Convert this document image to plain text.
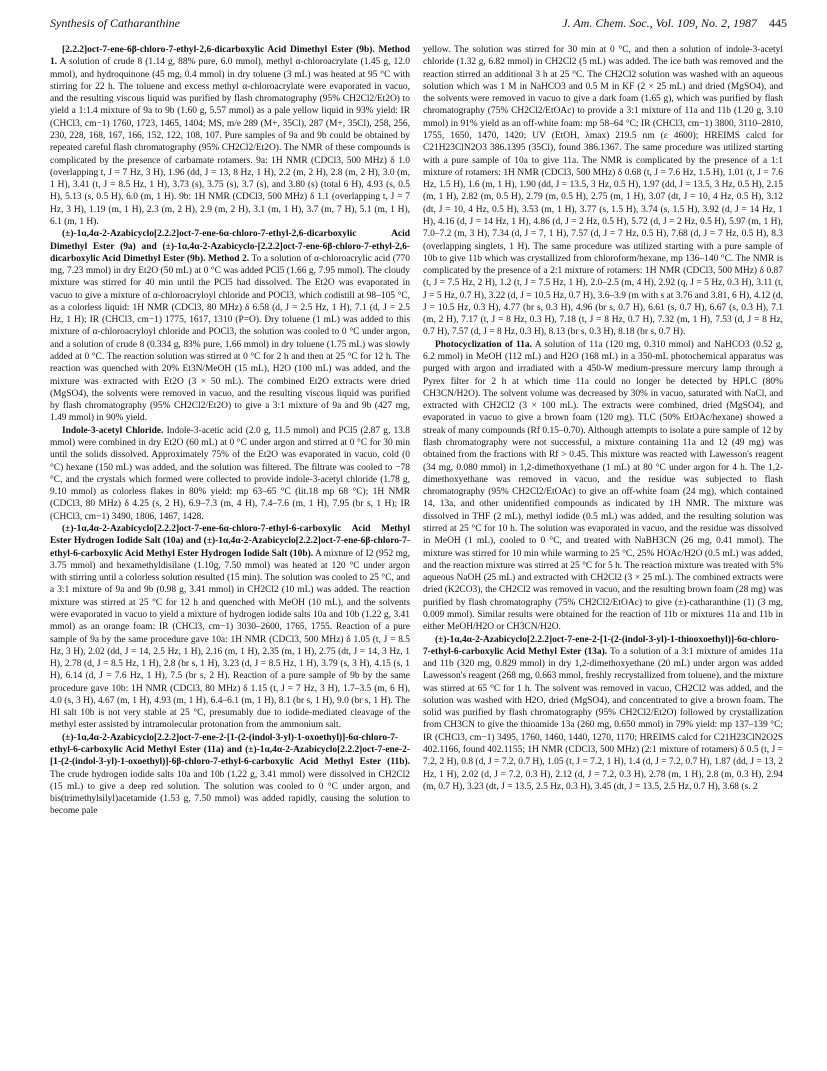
Synthesis of Catharanthine	J. Am. Chem. Soc., Vol. 109, No. 2, 1987 445

[2.2.2]oct-7-ene-6β-chloro-7-ethyl-2,6-dicarboxylic Acid Dimethyl Ester (9b). Method 1. A solution of crude 8 (1.14 g, 88% pure, 6.0 mmol), methyl α-chloroacrylate (1.45 g, 12.0 mmol), and hydroquinone (45 mg, 0.4 mmol) in dry toluene (3 mL) was heated at 95 °C with stirring for 22 h. The toluene and excess methyl α-chloroacrylate were evaporated in vacuo, and the resulting viscous liquid was purified by flash chromatography (95% CH2Cl2/Et2O) to yield a 1:1.4 mixture of 9a to 9b (1.60 g, 5.57 mmol) as a pale yellow liquid in 93% yield: IR (CHCl3, cm−1) 1760, 1723, 1465, 1404; MS, m/e 289 (M+, 35Cl), 287 (M+, 35Cl), 258, 256, 230, 228, 168, 167, 166, 152, 122, 108, 107. Pure samples of 9a and 9b could be obtained by repeated careful flash chromatography (95% CH2Cl2/Et2O). The NMR of these compounds is complicated by the presence of carbamate rotamers. 9a: 1H NMR (CDCl3, 500 MHz) δ 1.0 (overlapping t, J = 7 Hz, 3 H), 1.96 (dd, J = 13, 8 Hz, 1 H), 2.2 (m, 2 H), 2.8 (m, 2 H), 3.0 (m, 1 H), 3.41 (t, J = 8.5 Hz, 1 H), 3.73 (s), 3.75 (s), 3.7 (s), and 3.80 (s) (total 6 H), 4.93 (s, 0.5 H), 5.13 (s, 0.5 H), 6.0 (m, 1 H). 9b: 1H NMR (CDCl3, 500 MHz) δ 1.1 (overlapping t, J = 7 Hz, 3 H), 1.19 (m, 1 H), 2.3 (m, 2 H), 2.9 (m, 2 H), 3.1 (m, 1 H), 3.7 (m, 7 H), 5.1 (m, 1 H), 6.1 (m, 1 H).

(±)-1α,4α-2-Azabicyclo[2.2.2]oct-7-ene-6α-chloro-7-ethyl-2,6-dicarboxylic Acid Dimethyl Ester (9a) and (±)-1α,4α-2-Azabicyclo-[2.2.2]oct-7-ene-6β-chloro-7-ethyl-2,6-dicarboxylic Acid Dimethyl Ester (9b). Method 2. To a solution of α-chloroacrylic acid (770 mg, 7.23 mmol) in dry Et2O (50 mL) at 0 °C was added PCl5 (1.66 g, 7.95 mmol). The cloudy mixture was stirred for 40 min until the PCl5 had dissolved. The Et2O was evaporated in vacuo to give a mixture of α-chloroacryloyl chloride and POCl3, which codistill at 98–105 °C, as a colorless liquid: 1H NMR (CDCl3, 80 MHz) δ 6.58 (d, J = 2.5 Hz, 1 H), 7.1 (d, J = 2.5 Hz, 1 H); IR (CHCl3, cm−1) 1775, 1617, 1310 (P=O). Dry toluene (1 mL) was added to this mixture of α-chloroacryloyl chloride and POCl3, the solution was cooled to 0 °C under argon, and a solution of crude 8 (0.334 g, 83% pure, 1.66 mmol) in dry toluene (1.75 mL) was slowly added at 0 °C. The reaction solution was stirred at 0 °C for 2 h and then at 25 °C for 12 h. The reaction was quenched with 20% Et3N/MeOH (15 mL), H2O (100 mL) was added, and the mixture was extracted with Et2O (3 × 50 mL). The combined Et2O extracts were dried (MgSO4), the solvents were removed in vacuo, and the resulting viscous liquid was purified by flash chromatography (95% CH2Cl2/Et2O) to give a 3:1 mixture of 9a and 9b (427 mg, 1.49 mmol) in 90% yield.

Indole-3-acetyl Chloride. Indole-3-acetic acid (2.0 g, 11.5 mmol) and PCl5 (2.87 g, 13.8 mmol) were combined in dry Et2O (60 mL) at 0 °C under argon and stirred at 0 °C for 30 min until the solids dissolved. Approximately 75% of the Et2O was evaporated in vacuo, cold (0 °C) hexane (150 mL) was added, and the solution was filtered. The filtrate was cooled to −78 °C, and the crystals which formed were collected to provide indole-3-acetyl chloride (1.78 g, 9.10 mmol) as colorless flakes in 80% yield: mp 63–65 °C (lit.18 mp 68 °C); 1H NMR (CDCl3, 80 MHz) δ 4.25 (s, 2 H), 6.9–7.3 (m, 4 H), 7.4–7.6 (m, 1 H), 7.95 (br s, 1 H); IR (CHCl3, cm−1) 3490, 1806, 1467, 1428.

(±)-1α,4α-2-Azabicyclo[2.2.2]oct-7-ene-6α-chloro-7-ethyl-6-carboxylic Acid Methyl Ester Hydrogen Iodide Salt (10a) and (±)-1α,4α-2-Azabicyclo[2.2.2]oct-7-ene-6β-chloro-7-ethyl-6-carboxylic Acid Methyl Ester Hydrogen Iodide Salt (10b). A mixture of I2 (952 mg, 3.75 mmol) and hexamethyldisilane (1.10g, 7.50 mmol) was heated at 120 °C under argon with stirring until a colorless solution resulted (15 min). The solution was cooled to 25 °C, and a 3:1 mixture of 9a and 9b (0.98 g, 3.41 mmol) in CH2Cl2 (10 mL) was added. The reaction mixture was stirred at 25 °C for 12 h and quenched with MeOH (10 mL), and the solvents were evaporated in vacuo to yield a mixture of hydrogen iodide salts 10a and 10b (1.22 g, 3.41 mmol) as an orange foam: IR (CHCl3, cm−1) 3030–2600, 1765, 1755. Reaction of a pure sample of 9a by the same procedure gave 10a: 1H NMR (CDCl3, 500 MHz) δ 1.05 (t, J = 8.5 Hz, 3 H), 2.02 (dd, J = 14, 2.5 Hz, 1 H), 2.16 (m, 1 H), 2.35 (m, 1 H), 2.75 (dt, J = 14, 3 Hz, 1 H), 2.78 (d, J = 8.5 Hz, 1 H), 2.8 (br s, 1 H), 3.23 (d, J = 8.5 Hz, 1 H), 3.79 (s, 3 H), 4.15 (s, 1 H), 6.14 (d, J = 7.6 Hz, 1 H), 7.5 (br s, 2 H). Reaction of a pure sample of 9b by the same procedure gave 10b: 1H NMR (CDCl3, 80 MHz) δ 1.15 (t, J = 7 Hz, 3 H), 1.7–3.5 (m, 6 H), 4.0 (s, 3 H), 4.67 (m, 1 H), 4.93 (m, 1 H), 6.4–6.1 (m, 1 H), 8.1 (br s, 1 H), 9.0 (br s, 1 H). The HI salt 10b is not very stable at 25 °C, presumably due to iodide-mediated cleavage of the methyl ester assisted by intramolecular protonation from the ammonium salt.

(±)-1α,4α-2-Azabicyclo[2.2.2]oct-7-ene-2-[1-(2-(indol-3-yl)-1-oxoethyl)]-6α-chloro-7-ethyl-6-carboxylic Acid Methyl Ester (11a) and (±)-1α,4α-2-Azabicyclo[2.2.2]oct-7-ene-2-[1-(2-(indol-3-yl)-1-oxoethyl)]-6β-chloro-7-ethyl-6-carboxylic Acid Methyl Ester (11b). The crude hydrogen iodide salts 10a and 10b (1.22 g, 3.41 mmol) were dissolved in CH2Cl2 (15 mL) to give a deep red solution. The solution was cooled to 0 °C under argon, and bis(trimethylsilyl)acetamide (1.53 g, 7.50 mmol) was added rapidly, causing the solution to become pale

yellow. The solution was stirred for 30 min at 0 °C, and then a solution of indole-3-acetyl chloride (1.32 g, 6.82 mmol) in CH2Cl2 (5 mL) was added. The ice bath was removed and the reaction stirred an additional 3 h at 25 °C. The CH2Cl2 solution was washed with an aqueous solution which was 1 M in NaHCO3 and 0.5 M in KF (2 × 25 mL) and dried (MgSO4), and the solvents were removed in vacuo to give a dark foam (1.65 g), which was purified by flash chromatography (75% CH2Cl2/EtOAc) to provide a 3:1 mixture of 11a and 11b (1.20 g, 3.10 mmol) in 91% yield as an off-white foam: mp 58–64 °C; IR (CHCl3, cm−1) 3800, 3110–2810, 1755, 1650, 1470, 1420; UV (EtOH, λmax) 219.5 nm (ε 4600); HREIMS calcd for C21H23ClN2O3 386.1395 (35Cl), found 386.1367. The same procedure was utilized starting with a pure sample of 10a to give 11a. The NMR is complicated by the presence of a 1:1 mixture of rotamers: 1H NMR (CDCl3, 500 MHz) δ 0.68 (t, J = 7.6 Hz, 1.5 H), 1.01 (t, J = 7.6 Hz, 1.5 H), 1.6 (m, 1 H), 1.90 (dd, J = 13.5, 3 Hz, 0.5 H), 1.97 (dd, J = 13.5, 3 Hz, 0.5 H), 2.15 (m, 1 H), 2.82 (m, 0.5 H), 2.79 (m, 0.5 H), 2.75 (m, 1 H), 3.07 (dt, J = 10, 4 Hz, 0.5 H), 3.12 (dt, J = 10, 4 Hz, 0.5 H), 3.53 (m, 1 H), 3.77 (s, 1.5 H), 3.74 (s, 1.5 H), 3.92 (d, J = 14 Hz, 1 H), 4.16 (d, J = 14 Hz, 1 H), 4.86 (d, J = 2 Hz, 0.5 H), 5.72 (d, J = 2 Hz, 0.5 H), 5.97 (m, 1 H), 7.0–7.2 (m, 3 H), 7.34 (d, J = 7, 1 H), 7.57 (d, J = 7 Hz, 0.5 H), 7.68 (d, J = 7 Hz, 0.5 H), 8.3 (overlapping singlets, 1 H). The same procedure was utilized starting with a pure sample of 10b to give 11b which was crystallized from chloroform/hexane, mp 136–140 °C. The NMR is complicated by the presence of a 2:1 mixture of rotamers: 1H NMR (CDCl3, 500 MHz) δ 0.87 (t, J = 7.5 Hz, 2 H), 1.2 (t, J = 7.5 Hz, 1 H), 2.0–2.5 (m, 4 H), 2.92 (q, J = 5 Hz, 0.3 H), 3.11 (t, J = 5 Hz, 0.7 H), 3.22 (d, J = 10.5 Hz, 0.7 H), 3.6–3.9 (m with s at 3.76 and 3.81, 6 H), 4.12 (d, J = 10.5 Hz, 0.3 H), 4.77 (br s, 0.3 H), 4.96 (br s, 0.7 H), 6.61 (s, 0.7 H), 6.67 (s, 0.3 H), 7.1 (m, 2 H), 7.17 (t, J = 8 Hz, 0.3 H), 7.18 (t, J = 8 Hz, 0.7 H), 7.32 (m, 1 H), 7.53 (d, J = 8 Hz, 0.7 H), 7.57 (d, J = 8 Hz, 0.3 H), 8.13 (br s, 0.3 H), 8.18 (br s, 0.7 H).

Photocyclization of 11a. A solution of 11a (120 mg, 0.310 mmol) and NaHCO3 (0.52 g, 6.2 mmol) in MeOH (112 mL) and H2O (168 mL) in a 350-mL photochemical apparatus was purged with argon and irradiated with a 450-W medium-pressure mercury lamp through a Pyrex filter for 2 h at which time 11a could no longer be detected by HPLC (80% CH3CN/H2O). The solvent volume was decreased by 30% in vacuo, saturated with NaCl, and extracted with CH2Cl2 (3 × 100 mL). The extracts were combined, dried (MgSO4), and evaporated in vacuo to give a brown foam (120 mg). TLC (50% EtOAc/hexane) showed a streak of many compounds (Rf 0.15–0.70). Although attempts to isolate a pure sample of 12 by flash chromatography were not successful, a mixture containing 11a and 12 (49 mg) was obtained from the fractions with Rf > 0.45. This mixture was reacted with Lawesson's reagent (34 mg, 0.080 mmol) in 1,2-dimethoxyethane (1 mL) at 80 °C under argon for 4 h. The 1,2-dimethoxyethane was removed in vacuo, and the residue was subjected to flash chromatography (95% CH2Cl2/EtOAc) to give an off-white foam (24 mg), which contained 14, 13a, and other unidentified compounds as indicated by 1H NMR. The mixture was dissolved in THF (2 mL), methyl iodide (0.5 mL) was added, and the resulting solution was stirred at 25 °C for 10 h. The solution was evaporated in vacuo, and the residue was dissolved in MeOH (1 mL), cooled to 0 °C, and treated with NaBH3CN (26 mg, 0.41 mmol). The mixture was stirred for 10 min while warming to 25 °C, 25% HOAc/H2O (0.5 mL) was added, and the reaction mixture was stirred at 25 °C for 5 h. The reaction mixture was treated with 5% aqueous NaOH (25 mL) and extracted with CH2Cl2 (3 × 25 mL). The combined extracts were dried (K2CO3), the CH2Cl2 was removed in vacuo, and the resulting brown foam (28 mg) was purified by flash chromatography (75% CH2Cl2/EtOAc) to give (±)-catharanthine (1) (3 mg, 0.009 mmol). Similar results were obtained for the reaction of 11b or mixtures 11a and 11b in either MeOH/H2O or CH3CN/H2O.

(±)-1α,4α-2-Azabicyclo[2.2.2]oct-7-ene-2-[1-(2-(indol-3-yl)-1-thiooxoethyl)]-6α-chloro-7-ethyl-6-carboxylic Acid Methyl Ester (13a). To a solution of a 3:1 mixture of amides 11a and 11b (320 mg, 0.829 mmol) in dry 1,2-dimethoxyethane (20 mL) under argon was added Lawesson's reagent (268 mg, 0.663 mmol, freshly recrystallized from toluene), and the mixture was stirred at 65 °C for 1 h. The solvent was removed in vacuo, CH2Cl2 was added, and the solution was washed with H2O, dried (MgSO4), and concentrated to give a brown foam. The solid was purified by flash chromatography (95% CH2Cl2/Et2O) followed by crystallization from CH3CN to give the thioamide 13a (260 mg, 0.650 mmol) in 79% yield: mp 137–139 °C; IR (CHCl3, cm−1) 3495, 1760, 1460, 1440, 1270, 1170; HREIMS calcd for C21H23ClN2O2S 402.1166, found 402.1155; 1H NMR (CDCl3, 500 MHz) (2:1 mixture of rotamers) δ 0.5 (t, J = 7.2, 2 H), 0.8 (d, J = 7.2, 0.7 H), 1.05 (t, J = 7.2, 1 H), 1.4 (d, J = 7.2, 0.7 H), 1.87 (dd, J = 13, 2 Hz, 1 H), 2.02 (d, J = 7.2, 0.3 H), 2.12 (d, J = 7.2, 0.3 H), 2.78 (m, 1 H), 2.8 (m, 0.3 H), 2.94 (m, 0.7 H), 3.23 (dt, J = 13.5, 2.5 Hz, 0.3 H), 3.45 (dt, J = 13.5, 2.5 Hz, 0.7 H), 3.68 (s. 2
